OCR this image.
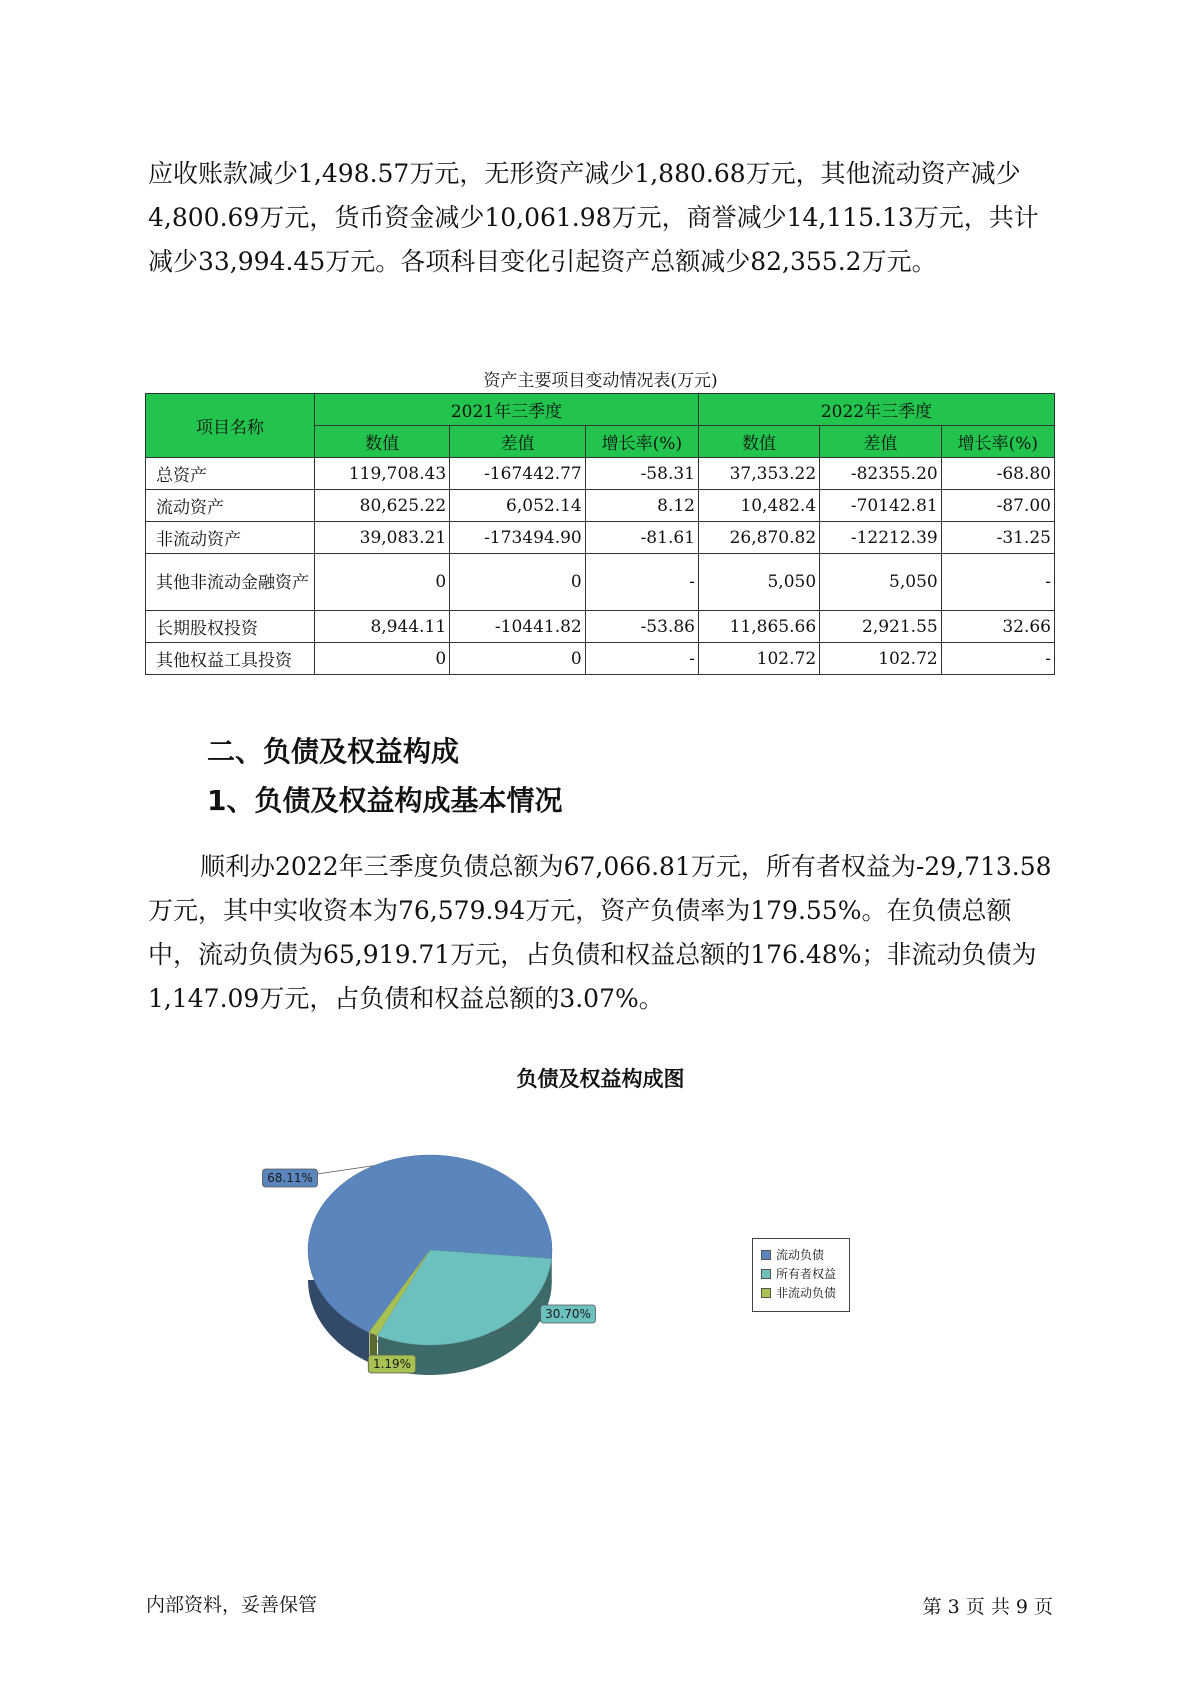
应收账款减少1,498.57万元，无形资产减少1,880.68万元，其他流动资产减少4,800.69万元，货币资金减少10,061.98万元，商誉减少14,115.13万元，共计减少33,994.45万元。各项科目变化引起资产总额减少82,355.2万元。

资产主要项目变动情况表(万元)
项目名称	2021年三季度			2022年三季度		
	数值	差值	增长率(%)	数值	差值	增长率(%)
总资产	119,708.43	-167442.77	-58.31	37,353.22	-82355.20	-68.80
流动资产	80,625.22	6,052.14	8.12	10,482.4	-70142.81	-87.00
非流动资产	39,083.21	-173494.90	-81.61	26,870.82	-12212.39	-31.25
其他非流动金融资产	0	0	-	5,050	5,050	-
长期股权投资	8,944.11	-10441.82	-53.86	11,865.66	2,921.55	32.66
其他权益工具投资	0	0	-	102.72	102.72	-
二、负债及权益构成
1、负债及权益构成基本情况

顺利办2022年三季度负债总额为67,066.81万元，所有者权益为-29,713.58万元，其中实收资本为76,579.94万元，资产负债率为179.55%。在负债总额中，流动负债为65,919.71万元，占负债和权益总额的176.48%；非流动负债为1,147.09万元，占负债和权益总额的3.07%。

负债及权益构成图
68.11%
30.70%
1.19%
流动负债
所有者权益
非流动负债
内部资料，妥善保管	第 3 页 共 9 页
